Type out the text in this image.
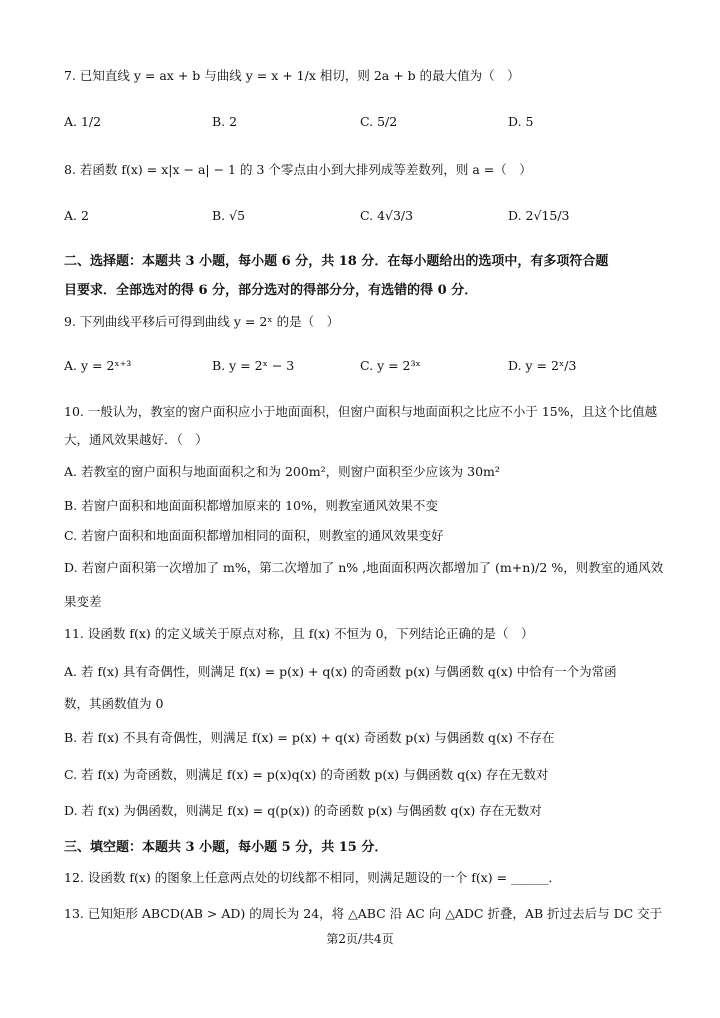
7. 已知直线 y = ax + b 与曲线 y = x + 1/x 相切，则 2a + b 的最大值为（　）
A. 1/2	B. 2	C. 5/2	D. 5
8. 若函数 f(x) = x|x − a| − 1 的 3 个零点由小到大排列成等差数列，则 a =（　）
A. 2	B. √5	C. 4√3/3	D. 2√15/3
二、选择题：本题共 3 小题，每小题 6 分，共 18 分．在每小题给出的选项中，有多项符合题
目要求．全部选对的得 6 分，部分选对的得部分分，有选错的得 0 分．
9. 下列曲线平移后可得到曲线 y = 2ˣ 的是（　）
A. y = 2ˣ⁺³	B. y = 2ˣ − 3	C. y = 2³ˣ	D. y = 2ˣ/3
10. 一般认为，教室的窗户面积应小于地面面积，但窗户面积与地面面积之比应不小于 15%，且这个比值越
大，通风效果越好．（　）
A. 若教室的窗户面积与地面面积之和为 200m²，则窗户面积至少应该为 30m²
B. 若窗户面积和地面面积都增加原来的 10%，则教室通风效果不变
C. 若窗户面积和地面面积都增加相同的面积，则教室的通风效果变好
D. 若窗户面积第一次增加了 m%，第二次增加了 n% ,地面面积两次都增加了 (m+n)/2 %，则教室的通风效
果变差
11. 设函数 f(x) 的定义域关于原点对称，且 f(x) 不恒为 0，下列结论正确的是（　）
A. 若 f(x) 具有奇偶性，则满足 f(x) = p(x) + q(x) 的奇函数 p(x) 与偶函数 q(x) 中恰有一个为常函
数，其函数值为 0
B. 若 f(x) 不具有奇偶性，则满足 f(x) = p(x) + q(x) 奇函数 p(x) 与偶函数 q(x) 不存在
C. 若 f(x) 为奇函数，则满足 f(x) = p(x)q(x) 的奇函数 p(x) 与偶函数 q(x) 存在无数对
D. 若 f(x) 为偶函数，则满足 f(x) = q(p(x)) 的奇函数 p(x) 与偶函数 q(x) 存在无数对
三、填空题：本题共 3 小题，每小题 5 分，共 15 分．
12. 设函数 f(x) 的图象上任意两点处的切线都不相同，则满足题设的一个 f(x) = ______．
13. 已知矩形 ABCD(AB > AD) 的周长为 24，将 △ABC 沿 AC 向 △ADC 折叠，AB 折过去后与 DC 交于
第2页/共4页
